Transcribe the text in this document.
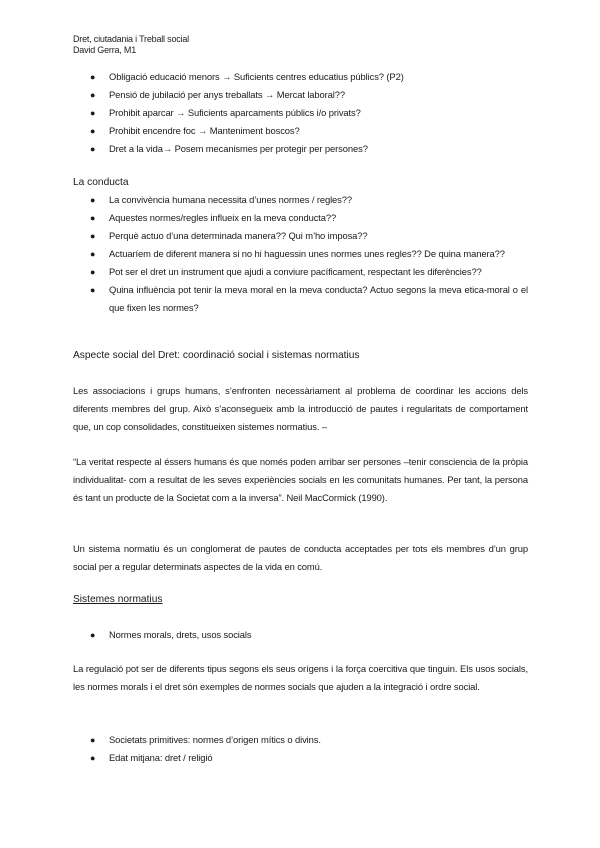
Dret, ciutadania i Treball social
David Gerra, M1
● Obligació educació menors → Suficients centres educatius públics? (P2)
● Pensió de jubilació per anys treballats → Mercat laboral??
● Prohibit aparcar → Suficients aparcaments públics i/o privats?
● Prohibit encendre foc → Manteniment boscos?
● Dret a la vida→ Posem mecanismes per protegir per persones?
La conducta
● La convivència humana necessita d’unes normes / regles??
● Aquestes normes/regles influeix en la meva conducta??
● Perquè actuo d’una determinada manera?? Qui m’ho imposa??
● Actuaríem de diferent manera si no hi haguessin unes normes unes regles?? De quina manera??
● Pot ser el dret un instrument que ajudi a conviure pacíficament, respectant les diferències??
● Quina influència pot tenir la meva moral en la meva conducta? Actuo segons la meva etica-moral o el que fixen les normes?
Aspecte social del Dret: coordinació social i sistemas normatius
Les associacions i grups humans, s’enfronten necessàriament al problema de coordinar les accions dels diferents membres del grup. Això s’aconsegueix amb la introducció de pautes i regularitats de comportament que, un cop consolidades, constitueixen sistemes normatius. –
“La veritat respecte al éssers humans és que només poden arribar ser persones –tenir consciencia de la pròpia individualitat- com a resultat de les seves experiències socials en les comunitats humanes. Per tant, la persona és tant un producte de la Societat com a la inversa”. Neil MacCormick (1990).
Un sistema normatiu és un conglomerat de pautes de conducta acceptades per tots els membres d’un grup social per a regular determinats aspectes de la vida en comú.
Sistemes normatius
● Normes morals, drets, usos socials
La regulació pot ser de diferents tipus segons els seus orígens i la força coercitiva que tinguin. Els usos socials, les normes morals i el dret són exemples de normes socials que ajuden a la integració i ordre social.
● Societats primitives: normes d’origen mítics o divins.
● Edat mitjana: dret / religió
